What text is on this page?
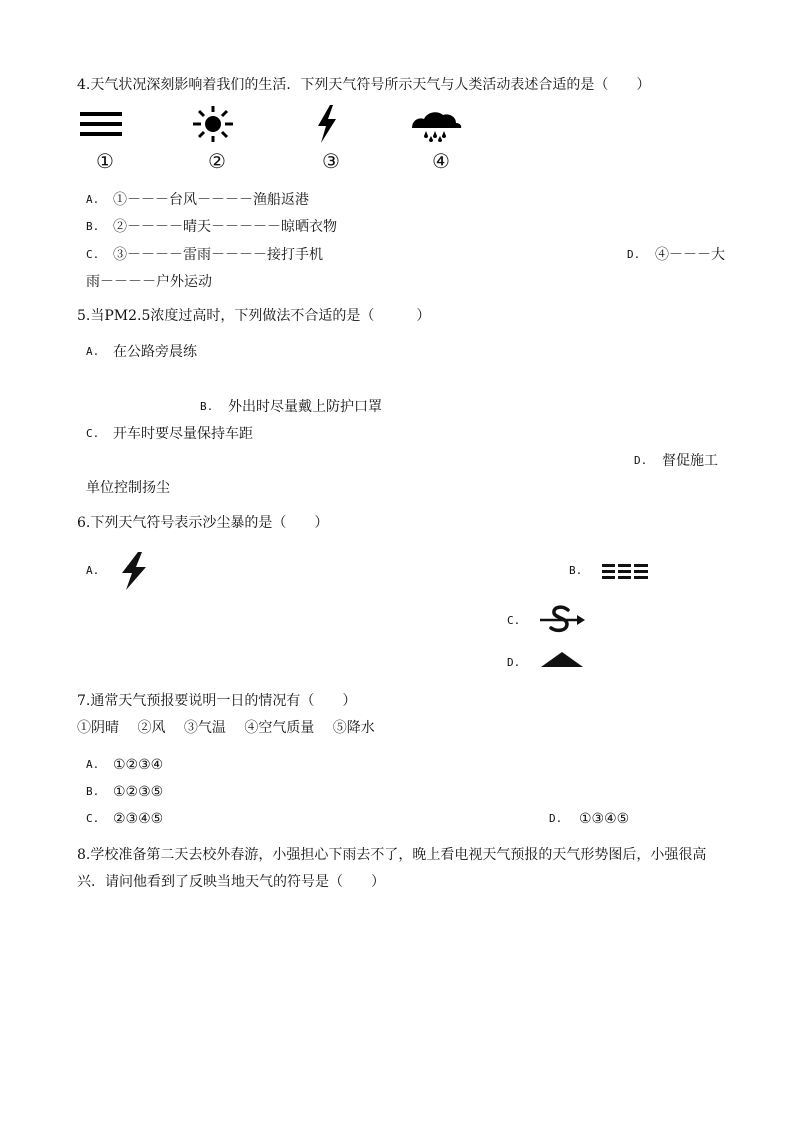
4.天气状况深刻影响着我们的生活．下列天气符号所示天气与人类活动表述合适的是（　　）
①	②	③	④
A. ①－－－台风－－－－渔船返港
B. ②－－－－晴天－－－－－晾晒衣物
C. ③－－－－雷雨－－－－接打手机	D. ④－－－大
雨－－－－户外运动
5.当PM2.5浓度过高时，下列做法不合适的是（　　　）
A. 在公路旁晨练
B. 外出时尽量戴上防护口罩
C. 开车时要尽量保持车距
D. 督促施工
单位控制扬尘
6.下列天气符号表示沙尘暴的是（　　）
A.	B.
C.
D.
7.通常天气预报要说明一日的情况有（　　）
①阴晴　 ②风　 ③气温　 ④空气质量　 ⑤降水
A. ①②③④
B. ①②③⑤
C. ②③④⑤	D. ①③④⑤
8.学校准备第二天去校外春游，小强担心下雨去不了，晚上看电视天气预报的天气形势图后，小强很高
兴．请问他看到了反映当地天气的符号是（　　）
